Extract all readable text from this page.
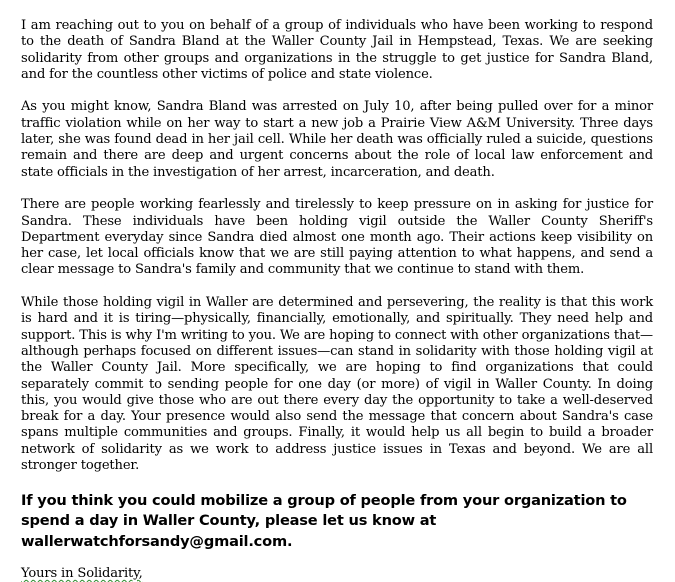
I am reaching out to you on behalf of a group of individuals who have been working to respond to the death of Sandra Bland at the Waller County Jail in Hempstead, Texas. We are seeking solidarity from other groups and organizations in the struggle to get justice for Sandra Bland, and for the countless other victims of police and state violence.

As you might know, Sandra Bland was arrested on July 10, after being pulled over for a minor traffic violation while on her way to start a new job a Prairie View A&M University. Three days later, she was found dead in her jail cell. While her death was officially ruled a suicide, questions remain and there are deep and urgent concerns about the role of local law enforcement and state officials in the investigation of her arrest, incarceration, and death.

There are people working fearlessly and tirelessly to keep pressure on in asking for justice for Sandra. These individuals have been holding vigil outside the Waller County Sheriff's Department everyday since Sandra died almost one month ago. Their actions keep visibility on her case, let local officials know that we are still paying attention to what happens, and send a clear message to Sandra's family and community that we continue to stand with them.

While those holding vigil in Waller are determined and persevering, the reality is that this work is hard and it is tiring—physically, financially, emotionally, and spiritually. They need help and support. This is why I'm writing to you. We are hoping to connect with other organizations that—although perhaps focused on different issues—can stand in solidarity with those holding vigil at the Waller County Jail. More specifically, we are hoping to find organizations that could separately commit to sending people for one day (or more) of vigil in Waller County. In doing this, you would give those who are out there every day the opportunity to take a well-deserved break for a day. Your presence would also send the message that concern about Sandra's case spans multiple communities and groups. Finally, it would help us all begin to build a broader network of solidarity as we work to address justice issues in Texas and beyond. We are all stronger together.

If you think you could mobilize a group of people from your organization to spend a day in Waller County, please let us know at wallerwatchforsandy@gmail.com.

Yours in Solidarity,
